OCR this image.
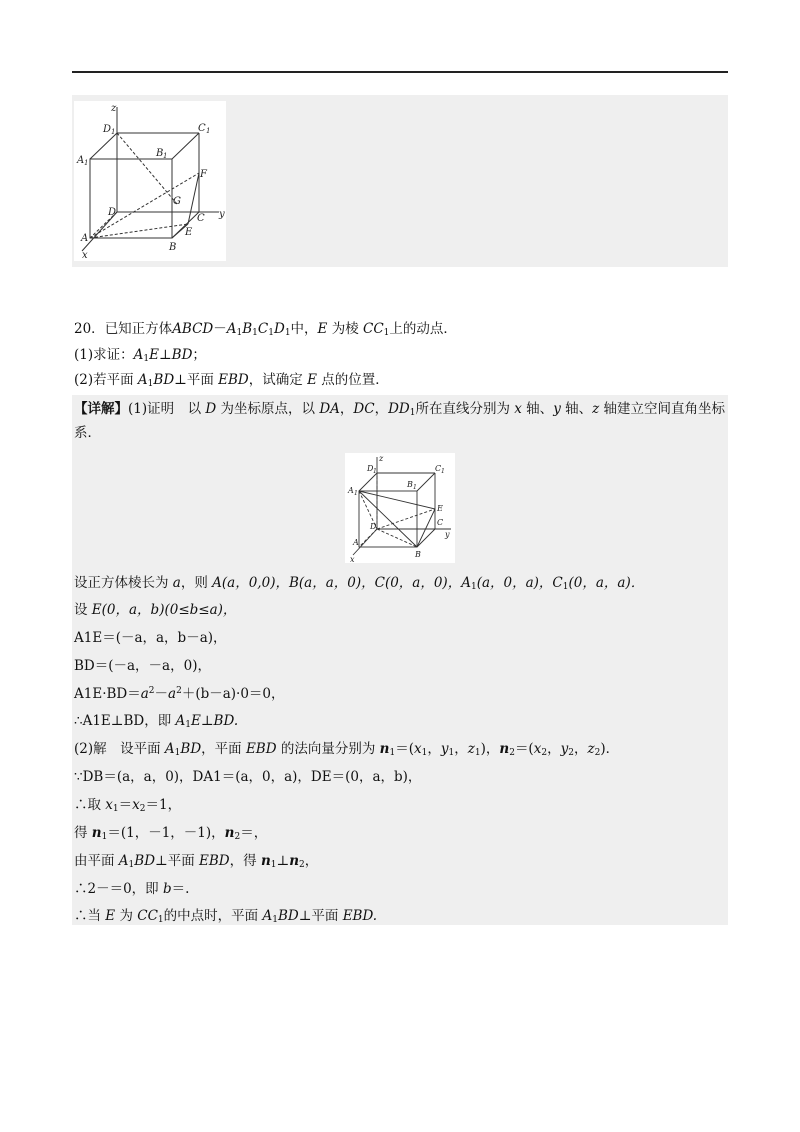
z
y
x
D 1	C 1
A 1
B 1
F
G
D
C
E
A
B
20．已知正方体$ABCD-A_1B_1C_1D_1$中，E 为棱 $CC_1$上的动点．
(1)求证：$A_1E\perp BD$；
(2)若平面 $A_1BD\perp$平面 EBD，试确定 E 点的位置．
【详解】(1)证明　以 D 为坐标原点，以 DA，DC，$DD_1$所在直线分别为 x 轴、y 轴、z 轴建立空间直角坐标系．
z
y
x
D 1	C 1
A 1
B 1
E
C
D
A
B
设正方体棱长为 a，则 A(a，0,0)，B(a，a，0)，C(0，a，0)，$A_1(a$，0，a)，$C_1(0$，a，a)．
设 E(0，a，b)(0≤b≤a)，
A1E＝(－a，a，b－a)，
BD＝(－a，－a，0)，
$A1E\cdot BD=a^2-a^2+(b-a)\cdot 0=0$，
∴A1E⊥BD，即 $A_1E\perp BD$.
(2)解　设平面 $A_1BD$，平面 EBD 的法向量分别为 $n_1=(x_1$，$y_1$，$z_1$)，$n_2=(x_2$，$y_2$，$z_2$)．
∵DB＝(a，a，0)，DA1＝(a，0，a)，DE＝(0，a，b)，
∴取 $x_1=x_2=1$，
得 $n_1=(1$，－1，－1)，$n_2=$，
由平面 $A_1BD\perp$平面 EBD，得 $n_1\perp n_2$，
∴2－＝0，即 b＝.
∴当 E 为 $CC_1$的中点时，平面 $A_1BD\perp$平面 EBD.
